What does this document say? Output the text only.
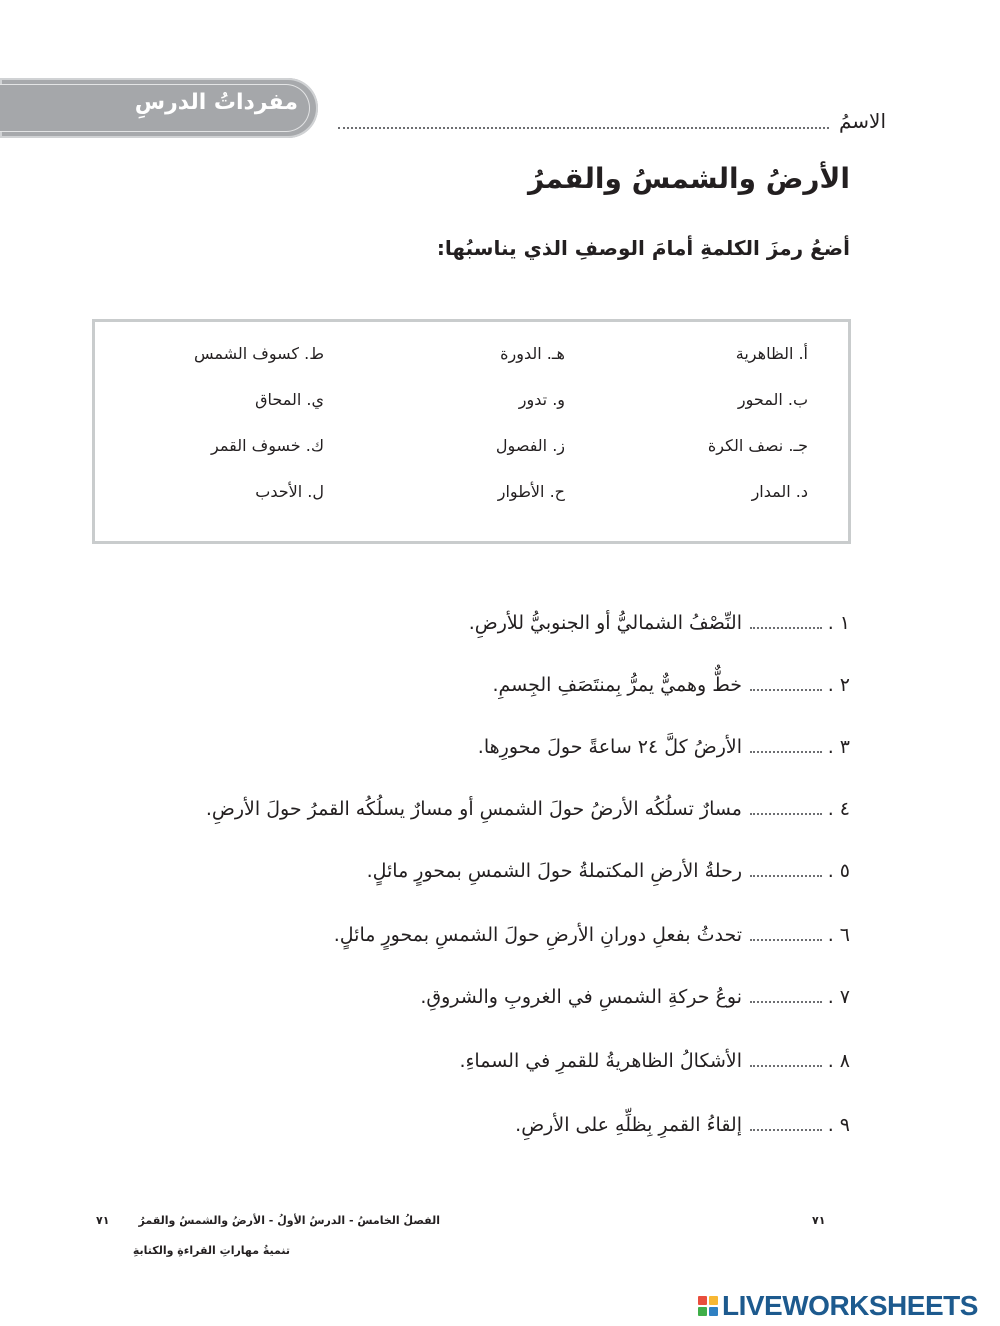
مفرداتُ الدرسِ
الاسمُ
الأرضُ والشمسُ والقمرُ
أضعُ رمزَ الكلمةِ أمامَ الوصفِ الذي يناسبُها:
أ. الظاهرية
ب. المحور
جـ. نصف الكرة
د. المدار
هـ. الدورة
و. تدور
ز. الفصول
ح. الأطوار
ط. كسوف الشمس
ي. المحاق
ك. خسوف القمر
ل. الأحدب
١ .
النِّصْفُ الشماليُّ أو الجنوبيُّ للأرضِ.
٢ .
خطٌّ وهميٌّ يمرُّ بِمنتَصَفِ الجِسمِ.
٣ .
الأرضُ كلَّ ٢٤ ساعةً حولَ محورِها.
٤ .
مسارٌ تسلُكُه الأرضُ حولَ الشمسِ أو مسارٌ يسلُكُه القمرُ حولَ الأرضِ.
٥ .
رحلةُ الأرضِ المكتملةُ حولَ الشمسِ بمحورٍ مائلٍ.
٦ .
تحدثُ بفعلِ دورانِ الأرضِ حولَ الشمسِ بمحورٍ مائلٍ.
٧ .
نوعُ حركةِ الشمسِ في الغروبِ والشروقِ.
٨ .
الأشكالُ الظاهريةُ للقمرِ في السماءِ.
٩ .
إلقاءُ القمرِ بِظلِّهِ على الأرضِ.
الفصلُ الخامسُ - الدرسُ الأولُ - الأرضُ والشمسُ والقمرُ
٧١	٧١
تنميةُ مهاراتِ القراءةِ والكتابةِ
LIVEWORKSHEETS
